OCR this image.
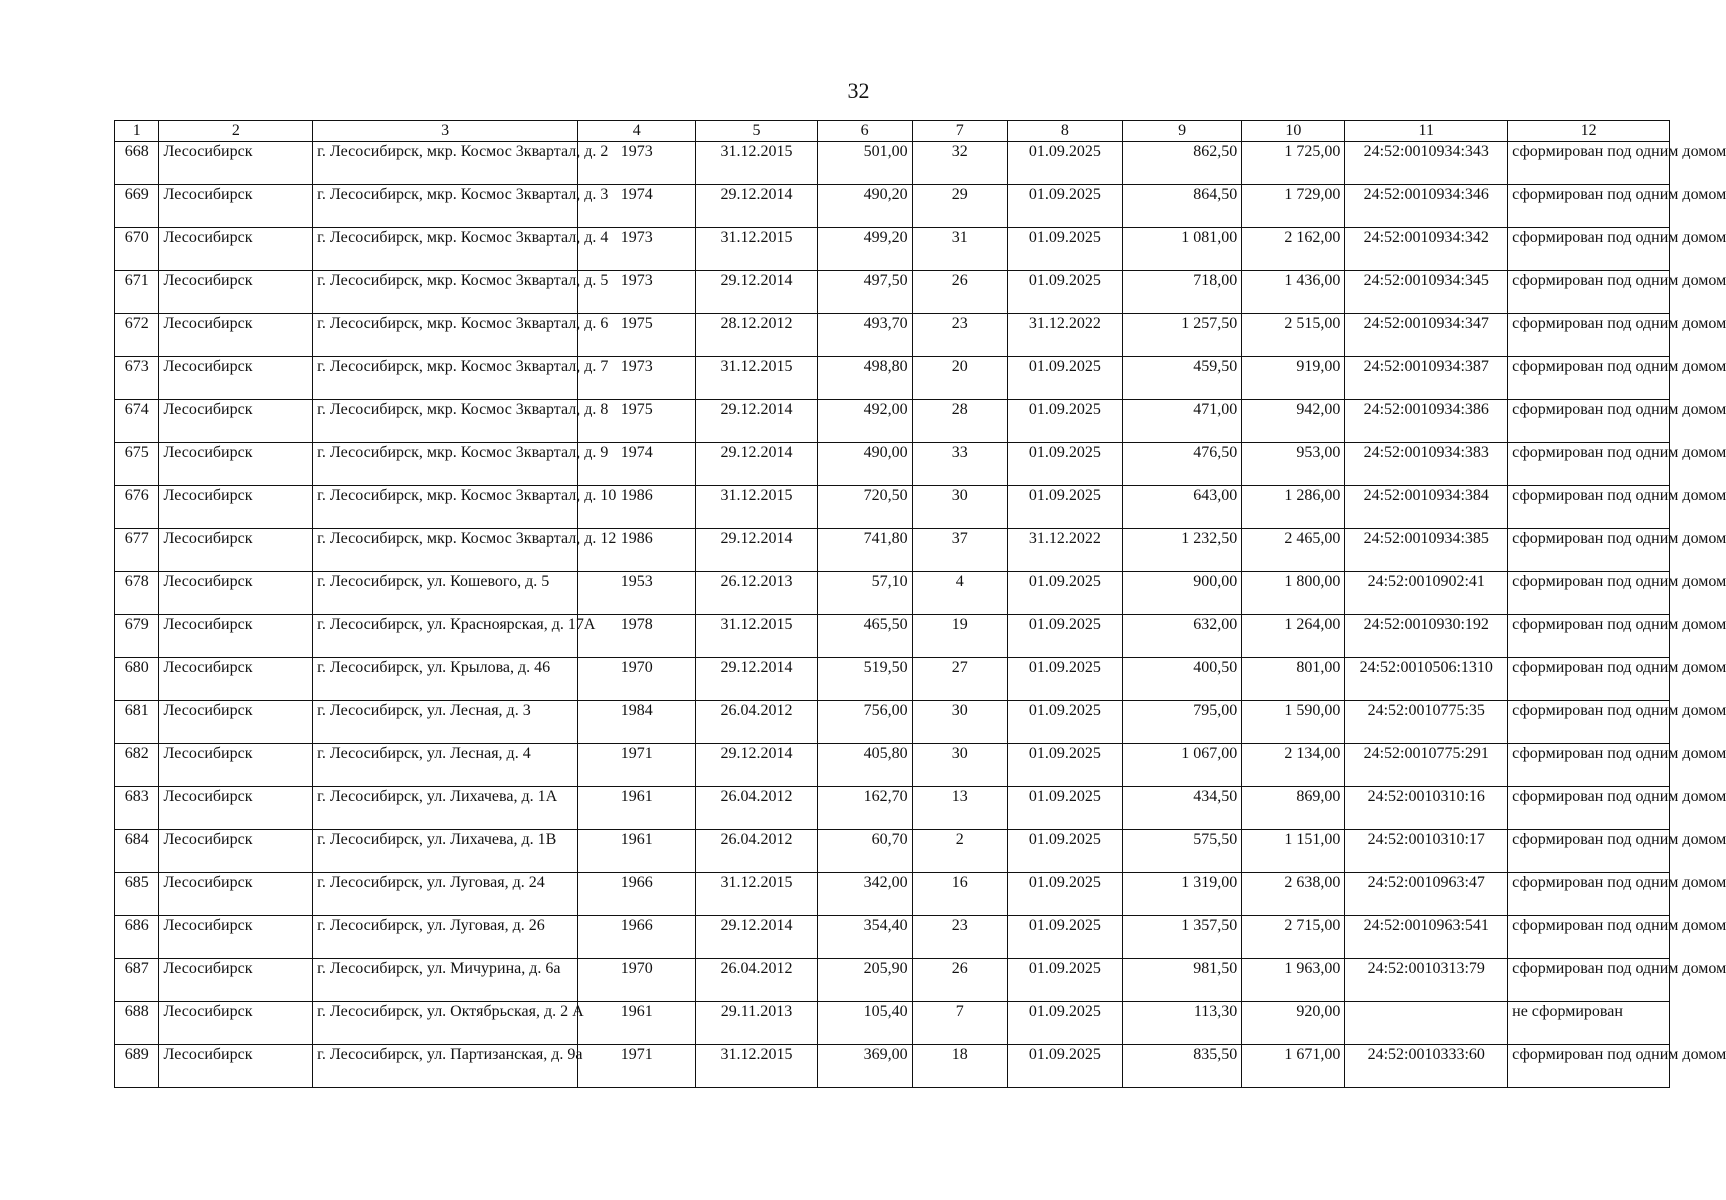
32
1	2	3	4	5	6	7	8	9	10	11	12
668	Лесосибирск	г. Лесосибирск, мкр. Космос 3квартал, д. 2	1973	31.12.2015	501,00	32	01.09.2025	862,50	1 725,00	24:52:0010934:343	сформирован под одним домом
669	Лесосибирск	г. Лесосибирск, мкр. Космос 3квартал, д. 3	1974	29.12.2014	490,20	29	01.09.2025	864,50	1 729,00	24:52:0010934:346	сформирован под одним домом
670	Лесосибирск	г. Лесосибирск, мкр. Космос 3квартал, д. 4	1973	31.12.2015	499,20	31	01.09.2025	1 081,00	2 162,00	24:52:0010934:342	сформирован под одним домом
671	Лесосибирск	г. Лесосибирск, мкр. Космос 3квартал, д. 5	1973	29.12.2014	497,50	26	01.09.2025	718,00	1 436,00	24:52:0010934:345	сформирован под одним домом
672	Лесосибирск	г. Лесосибирск, мкр. Космос 3квартал, д. 6	1975	28.12.2012	493,70	23	31.12.2022	1 257,50	2 515,00	24:52:0010934:347	сформирован под одним домом
673	Лесосибирск	г. Лесосибирск, мкр. Космос 3квартал, д. 7	1973	31.12.2015	498,80	20	01.09.2025	459,50	919,00	24:52:0010934:387	сформирован под одним домом
674	Лесосибирск	г. Лесосибирск, мкр. Космос 3квартал, д. 8	1975	29.12.2014	492,00	28	01.09.2025	471,00	942,00	24:52:0010934:386	сформирован под одним домом
675	Лесосибирск	г. Лесосибирск, мкр. Космос 3квартал, д. 9	1974	29.12.2014	490,00	33	01.09.2025	476,50	953,00	24:52:0010934:383	сформирован под одним домом
676	Лесосибирск	г. Лесосибирск, мкр. Космос 3квартал, д. 10	1986	31.12.2015	720,50	30	01.09.2025	643,00	1 286,00	24:52:0010934:384	сформирован под одним домом
677	Лесосибирск	г. Лесосибирск, мкр. Космос 3квартал, д. 12	1986	29.12.2014	741,80	37	31.12.2022	1 232,50	2 465,00	24:52:0010934:385	сформирован под одним домом
678	Лесосибирск	г. Лесосибирск, ул. Кошевого, д. 5	1953	26.12.2013	57,10	4	01.09.2025	900,00	1 800,00	24:52:0010902:41	сформирован под одним домом
679	Лесосибирск	г. Лесосибирск, ул. Красноярская, д. 17А	1978	31.12.2015	465,50	19	01.09.2025	632,00	1 264,00	24:52:0010930:192	сформирован под одним домом
680	Лесосибирск	г. Лесосибирск, ул. Крылова, д. 46	1970	29.12.2014	519,50	27	01.09.2025	400,50	801,00	24:52:0010506:1310	сформирован под одним домом
681	Лесосибирск	г. Лесосибирск, ул. Лесная, д. 3	1984	26.04.2012	756,00	30	01.09.2025	795,00	1 590,00	24:52:0010775:35	сформирован под одним домом
682	Лесосибирск	г. Лесосибирск, ул. Лесная, д. 4	1971	29.12.2014	405,80	30	01.09.2025	1 067,00	2 134,00	24:52:0010775:291	сформирован под одним домом
683	Лесосибирск	г. Лесосибирск, ул. Лихачева, д. 1А	1961	26.04.2012	162,70	13	01.09.2025	434,50	869,00	24:52:0010310:16	сформирован под одним домом
684	Лесосибирск	г. Лесосибирск, ул. Лихачева, д. 1В	1961	26.04.2012	60,70	2	01.09.2025	575,50	1 151,00	24:52:0010310:17	сформирован под одним домом
685	Лесосибирск	г. Лесосибирск, ул. Луговая, д. 24	1966	31.12.2015	342,00	16	01.09.2025	1 319,00	2 638,00	24:52:0010963:47	сформирован под одним домом
686	Лесосибирск	г. Лесосибирск, ул. Луговая, д. 26	1966	29.12.2014	354,40	23	01.09.2025	1 357,50	2 715,00	24:52:0010963:541	сформирован под одним домом
687	Лесосибирск	г. Лесосибирск, ул. Мичурина, д. 6а	1970	26.04.2012	205,90	26	01.09.2025	981,50	1 963,00	24:52:0010313:79	сформирован под одним домом
688	Лесосибирск	г. Лесосибирск, ул. Октябрьская, д. 2 А	1961	29.11.2013	105,40	7	01.09.2025	113,30	920,00		не сформирован
689	Лесосибирск	г. Лесосибирск, ул. Партизанская, д. 9а	1971	31.12.2015	369,00	18	01.09.2025	835,50	1 671,00	24:52:0010333:60	сформирован под одним домом
